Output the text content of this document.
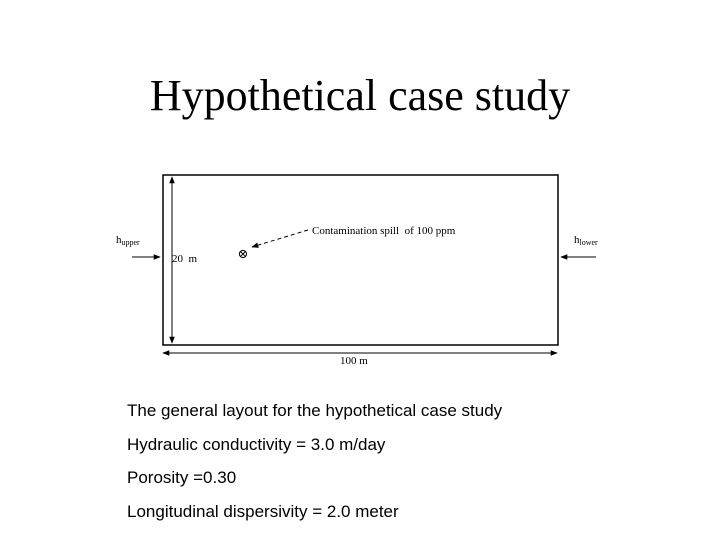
Hypothetical case study
20  m
100 m
hupper	hlower
⊗
Contamination spill  of 100 ppm
The general layout for the hypothetical case study
Hydraulic conductivity = 3.0 m/day
Porosity =0.30
Longitudinal dispersivity = 2.0 meter
